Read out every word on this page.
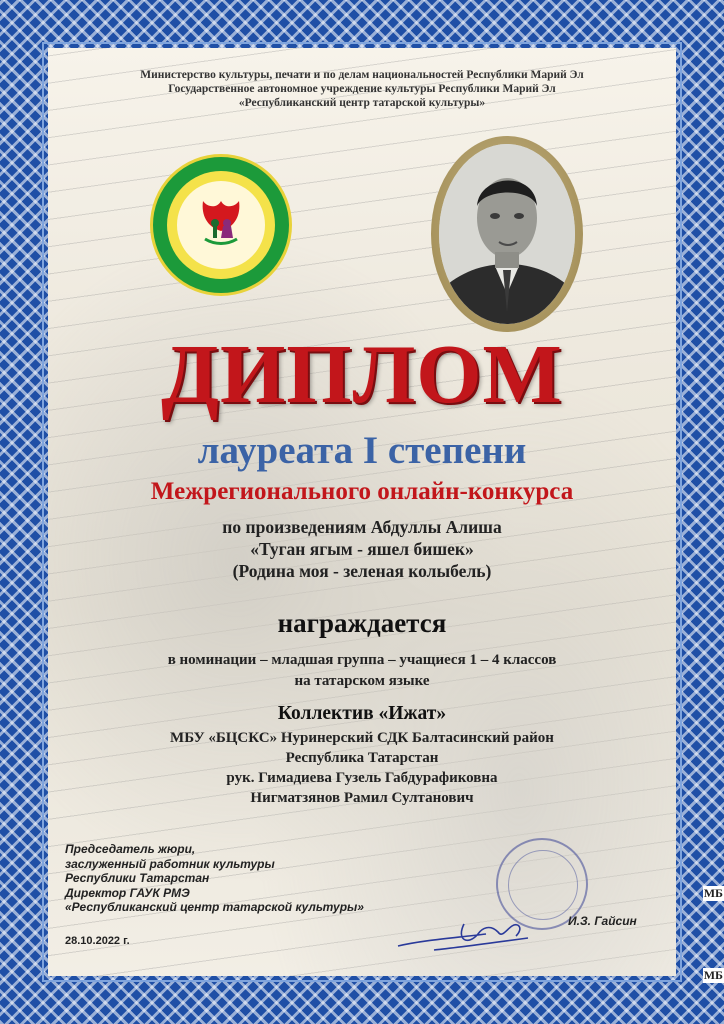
Министерство культуры, печати и по делам национальностей Республики Марий Эл
Государственное автономное учреждение культуры Республики Марий Эл
«Республиканский центр татарской культуры»
ДИПЛОМ
лауреата I степени
Межрегионального онлайн-конкурса
по произведениям Абдуллы Алиша
«Туган ягым - яшел бишек»
(Родина моя - зеленая колыбель)
награждается
в номинации – младшая группа – учащиеся 1 – 4 классов
на татарском языке
Коллектив «Ижат»
МБУ «БЦСКС» Нуринерский СДК Балтасинский район
Республика Татарстан
рук. Гимадиева Гузель Габдурафиковна
Нигматзянов Рамил Султанович
Председатель жюри,
заслуженный работник культуры
Республики Татарстан
Директор ГАУК РМЭ
«Республиканский центр татарской культуры»
И.З. Гайсин
28.10.2022 г.
МБ
МБ
